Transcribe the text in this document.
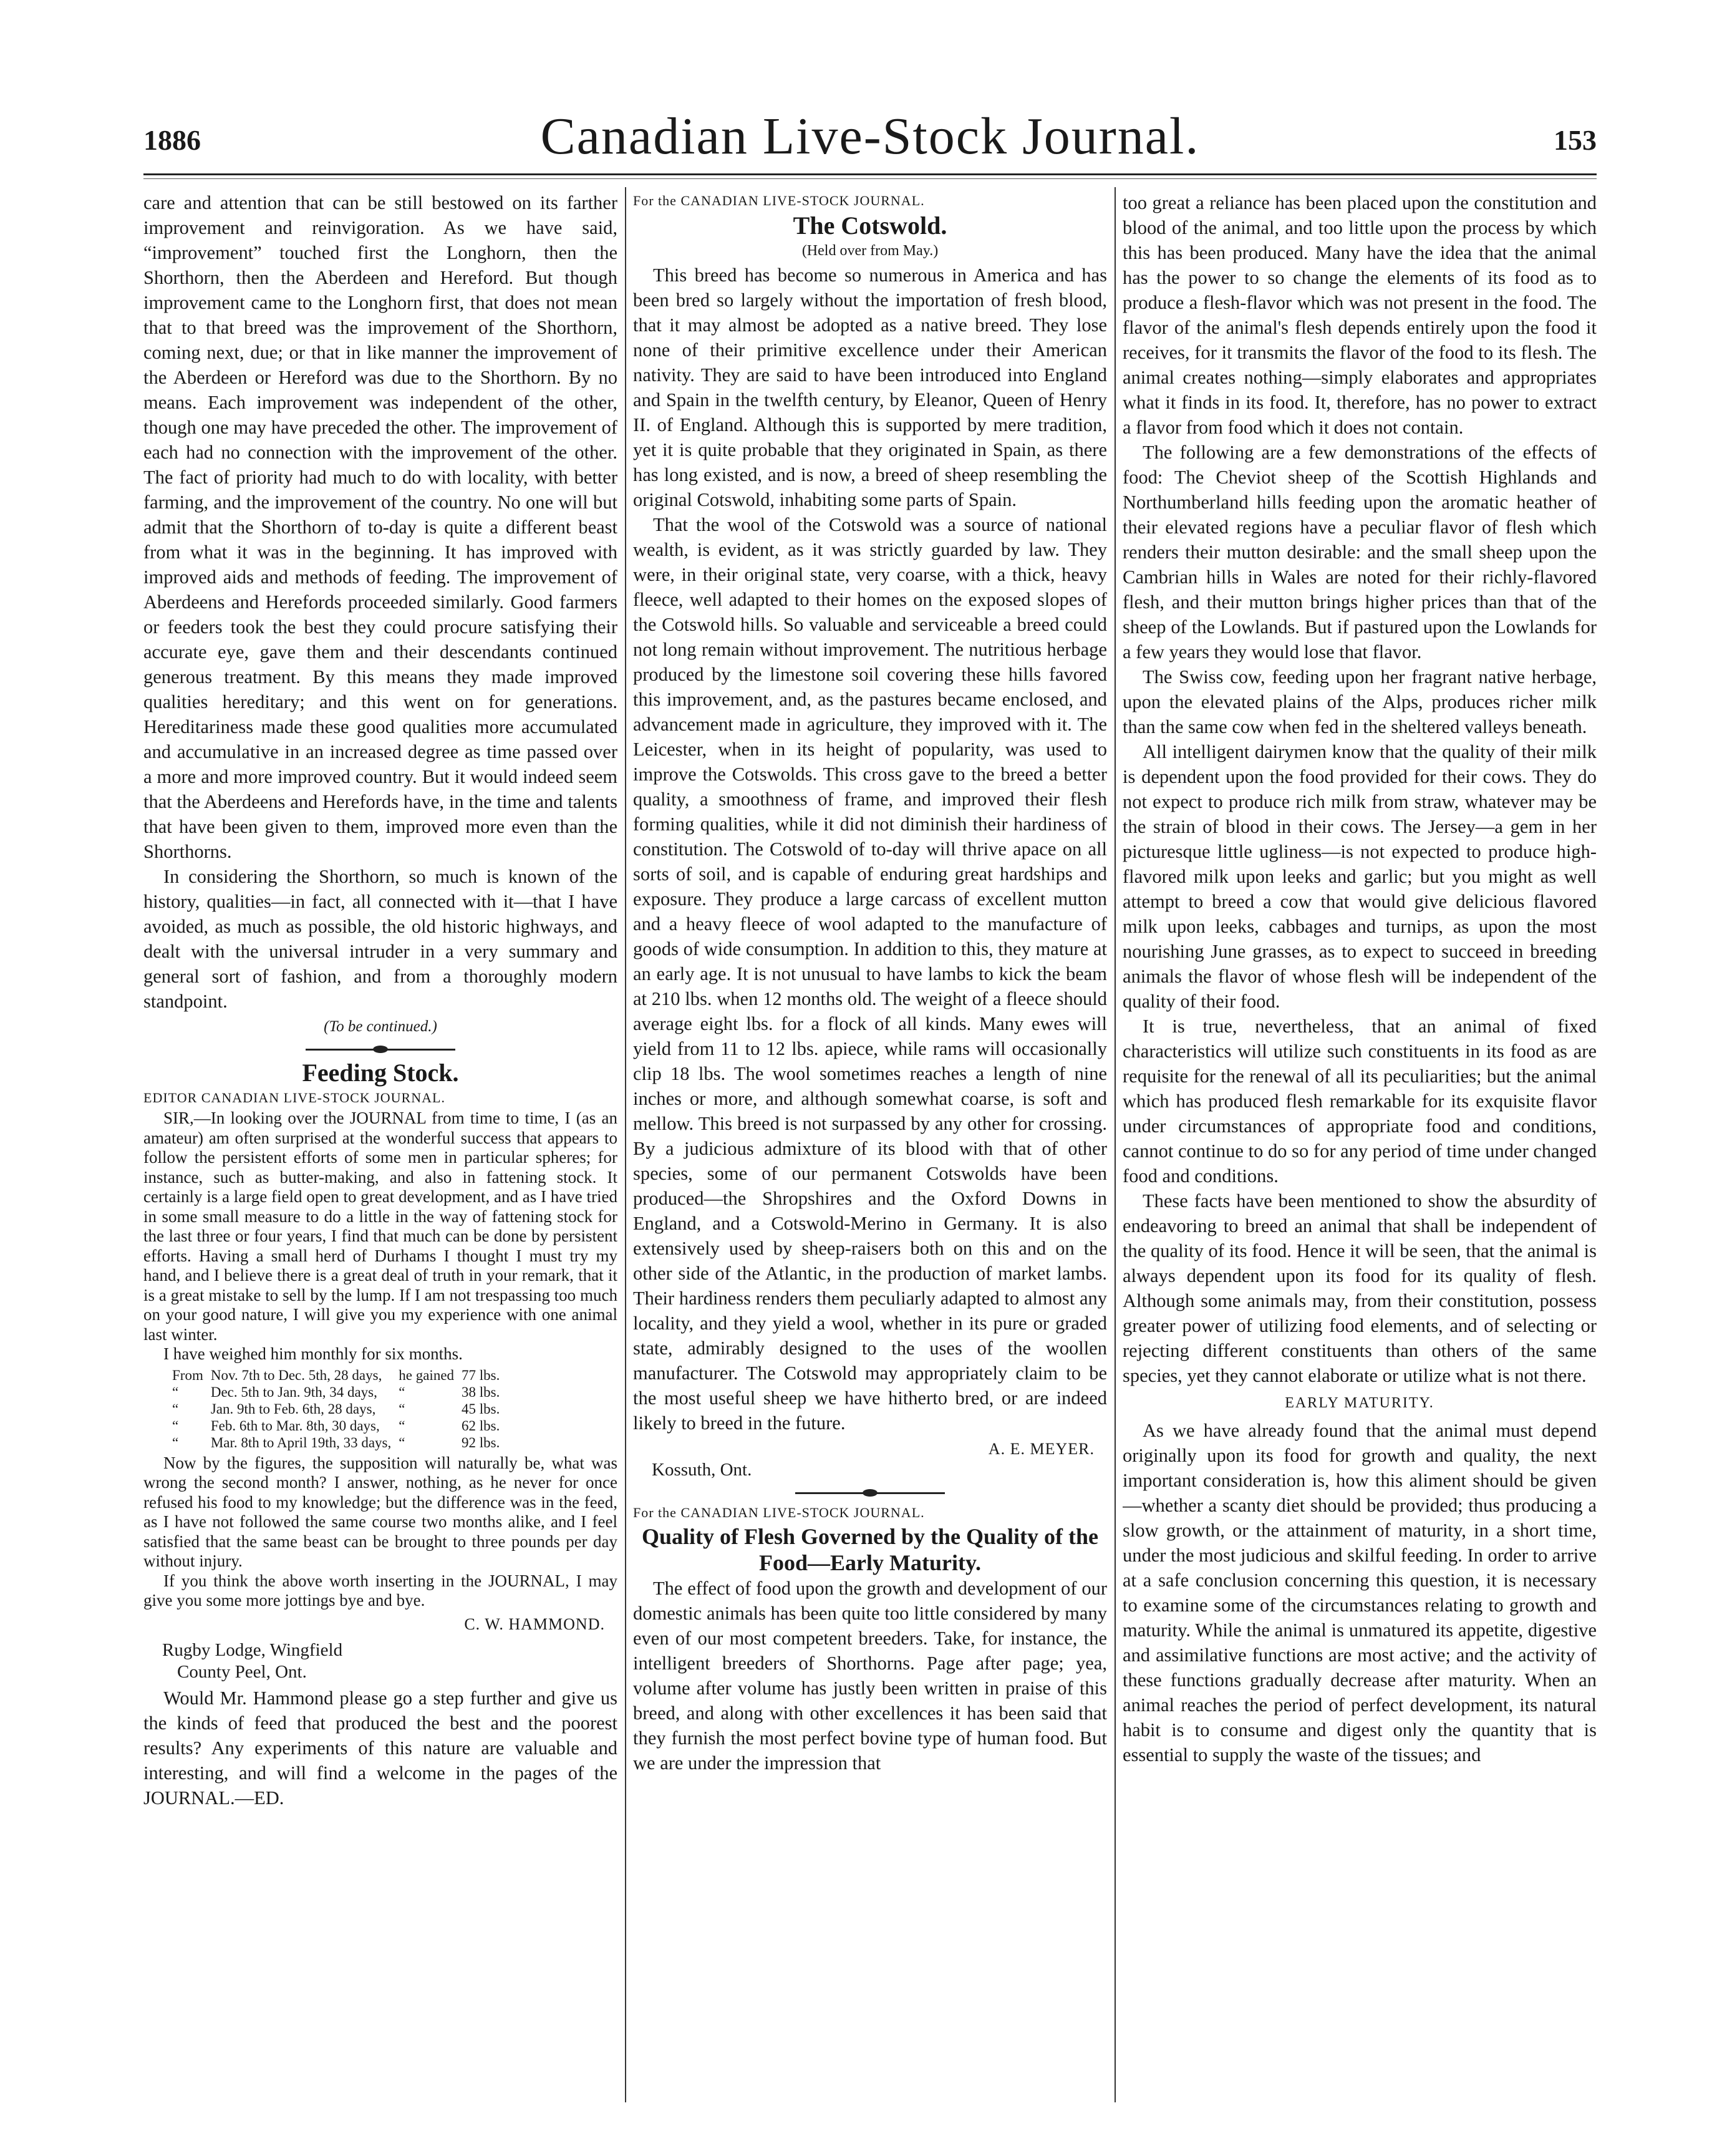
1886	Canadian Live-Stock Journal.	153

care and attention that can be still bestowed on its farther improvement and reinvigoration. As we have said, “improvement” touched first the Longhorn, then the Shorthorn, then the Aberdeen and Hereford. But though improvement came to the Longhorn first, that does not mean that to that breed was the improvement of the Shorthorn, coming next, due; or that in like manner the improvement of the Aberdeen or Hereford was due to the Shorthorn. By no means. Each improvement was independent of the other, though one may have preceded the other. The improvement of each had no connection with the improvement of the other. The fact of priority had much to do with locality, with better farming, and the improvement of the country. No one will but admit that the Shorthorn of to-day is quite a different beast from what it was in the beginning. It has improved with improved aids and methods of feeding. The improvement of Aberdeens and Herefords proceeded similarly. Good farmers or feeders took the best they could procure satisfying their accurate eye, gave them and their descendants continued generous treatment. By this means they made improved qualities hereditary; and this went on for generations. Hereditariness made these good qualities more accumulated and accumulative in an increased degree as time passed over a more and more improved country. But it would indeed seem that the Aberdeens and Herefords have, in the time and talents that have been given to them, improved more even than the Shorthorns.

In considering the Shorthorn, so much is known of the history, qualities—in fact, all connected with it—that I have avoided, as much as possible, the old historic highways, and dealt with the universal intruder in a very summary and general sort of fashion, and from a thoroughly modern standpoint.

(To be continued.)
Feeding Stock.
EDITOR CANADIAN LIVE-STOCK JOURNAL.

SIR,—In looking over the JOURNAL from time to time, I (as an amateur) am often surprised at the wonderful success that appears to follow the persistent efforts of some men in particular spheres; for instance, such as butter-making, and also in fattening stock. It certainly is a large field open to great development, and as I have tried in some small measure to do a little in the way of fattening stock for the last three or four years, I find that much can be done by persistent efforts. Having a small herd of Durhams I thought I must try my hand, and I believe there is a great deal of truth in your remark, that it is a great mistake to sell by the lump. If I am not trespassing too much on your good nature, I will give you my experience with one animal last winter.

I have weighed him monthly for six months.

From	Nov. 7th to Dec. 5th, 28 days,	he gained	77 lbs.
“	Dec. 5th to Jan. 9th, 34 days,	“	38 lbs.
“	Jan. 9th to Feb. 6th, 28 days,	“	45 lbs.
“	Feb. 6th to Mar. 8th, 30 days,	“	62 lbs.
“	Mar. 8th to April 19th, 33 days,	“	92 lbs.

Now by the figures, the supposition will naturally be, what was wrong the second month? I answer, nothing, as he never for once refused his food to my knowledge; but the difference was in the feed, as I have not followed the same course two months alike, and I feel satisfied that the same beast can be brought to three pounds per day without injury.

If you think the above worth inserting in the JOURNAL, I may give you some more jottings bye and bye.

C. W. HAMMOND.
Rugby Lodge, Wingfield
County Peel, Ont.

Would Mr. Hammond please go a step further and give us the kinds of feed that produced the best and the poorest results? Any experiments of this nature are valuable and interesting, and will find a welcome in the pages of the JOURNAL.—ED.

For the CANADIAN LIVE-STOCK JOURNAL.
The Cotswold.
(Held over from May.)

This breed has become so numerous in America and has been bred so largely without the importation of fresh blood, that it may almost be adopted as a native breed. They lose none of their primitive excellence under their American nativity. They are said to have been introduced into England and Spain in the twelfth century, by Eleanor, Queen of Henry II. of England. Although this is supported by mere tradition, yet it is quite probable that they originated in Spain, as there has long existed, and is now, a breed of sheep resembling the original Cotswold, inhabiting some parts of Spain.

That the wool of the Cotswold was a source of national wealth, is evident, as it was strictly guarded by law. They were, in their original state, very coarse, with a thick, heavy fleece, well adapted to their homes on the exposed slopes of the Cotswold hills. So valuable and serviceable a breed could not long remain without improvement. The nutritious herbage produced by the limestone soil covering these hills favored this improvement, and, as the pastures became enclosed, and advancement made in agriculture, they improved with it. The Leicester, when in its height of popularity, was used to improve the Cotswolds. This cross gave to the breed a better quality, a smoothness of frame, and improved their flesh forming qualities, while it did not diminish their hardiness of constitution. The Cotswold of to-day will thrive apace on all sorts of soil, and is capable of enduring great hardships and exposure. They produce a large carcass of excellent mutton and a heavy fleece of wool adapted to the manufacture of goods of wide consumption. In addition to this, they mature at an early age. It is not unusual to have lambs to kick the beam at 210 lbs. when 12 months old. The weight of a fleece should average eight lbs. for a flock of all kinds. Many ewes will yield from 11 to 12 lbs. apiece, while rams will occasionally clip 18 lbs. The wool sometimes reaches a length of nine inches or more, and although somewhat coarse, is soft and mellow. This breed is not surpassed by any other for crossing. By a judicious admixture of its blood with that of other species, some of our permanent Cotswolds have been produced—the Shropshires and the Oxford Downs in England, and a Cotswold-Merino in Germany. It is also extensively used by sheep-raisers both on this and on the other side of the Atlantic, in the production of market lambs. Their hardiness renders them peculiarly adapted to almost any locality, and they yield a wool, whether in its pure or graded state, admirably designed to the uses of the woollen manufacturer. The Cotswold may appropriately claim to be the most useful sheep we have hitherto bred, or are indeed likely to breed in the future.

A. E. MEYER.
Kossuth, Ont.
For the CANADIAN LIVE-STOCK JOURNAL.
Quality of Flesh Governed by the Quality of the Food—Early Maturity.

The effect of food upon the growth and development of our domestic animals has been quite too little considered by many even of our most competent breeders. Take, for instance, the intelligent breeders of Shorthorns. Page after page; yea, volume after volume has justly been written in praise of this breed, and along with other excellences it has been said that they furnish the most perfect bovine type of human food. But we are under the impression that

too great a reliance has been placed upon the constitution and blood of the animal, and too little upon the process by which this has been produced. Many have the idea that the animal has the power to so change the elements of its food as to produce a flesh-flavor which was not present in the food. The flavor of the animal's flesh depends entirely upon the food it receives, for it transmits the flavor of the food to its flesh. The animal creates nothing—simply elaborates and appropriates what it finds in its food. It, therefore, has no power to extract a flavor from food which it does not contain.

The following are a few demonstrations of the effects of food: The Cheviot sheep of the Scottish Highlands and Northumberland hills feeding upon the aromatic heather of their elevated regions have a peculiar flavor of flesh which renders their mutton desirable: and the small sheep upon the Cambrian hills in Wales are noted for their richly-flavored flesh, and their mutton brings higher prices than that of the sheep of the Lowlands. But if pastured upon the Lowlands for a few years they would lose that flavor.

The Swiss cow, feeding upon her fragrant native herbage, upon the elevated plains of the Alps, produces richer milk than the same cow when fed in the sheltered valleys beneath.

All intelligent dairymen know that the quality of their milk is dependent upon the food provided for their cows. They do not expect to produce rich milk from straw, whatever may be the strain of blood in their cows. The Jersey—a gem in her picturesque little ugliness—is not expected to produce high-flavored milk upon leeks and garlic; but you might as well attempt to breed a cow that would give delicious flavored milk upon leeks, cabbages and turnips, as upon the most nourishing June grasses, as to expect to succeed in breeding animals the flavor of whose flesh will be independent of the quality of their food.

It is true, nevertheless, that an animal of fixed characteristics will utilize such constituents in its food as are requisite for the renewal of all its peculiarities; but the animal which has produced flesh remarkable for its exquisite flavor under circumstances of appropriate food and conditions, cannot continue to do so for any period of time under changed food and conditions.

These facts have been mentioned to show the absurdity of endeavoring to breed an animal that shall be independent of the quality of its food. Hence it will be seen, that the animal is always dependent upon its food for its quality of flesh. Although some animals may, from their constitution, possess greater power of utilizing food elements, and of selecting or rejecting different constituents than others of the same species, yet they cannot elaborate or utilize what is not there.

EARLY MATURITY.

As we have already found that the animal must depend originally upon its food for growth and quality, the next important consideration is, how this aliment should be given—whether a scanty diet should be provided; thus producing a slow growth, or the attainment of maturity, in a short time, under the most judicious and skilful feeding. In order to arrive at a safe conclusion concerning this question, it is necessary to examine some of the circumstances relating to growth and maturity. While the animal is unmatured its appetite, digestive and assimilative functions are most active; and the activity of these functions gradually decrease after maturity. When an animal reaches the period of perfect development, its natural habit is to consume and digest only the quantity that is essential to supply the waste of the tissues; and
